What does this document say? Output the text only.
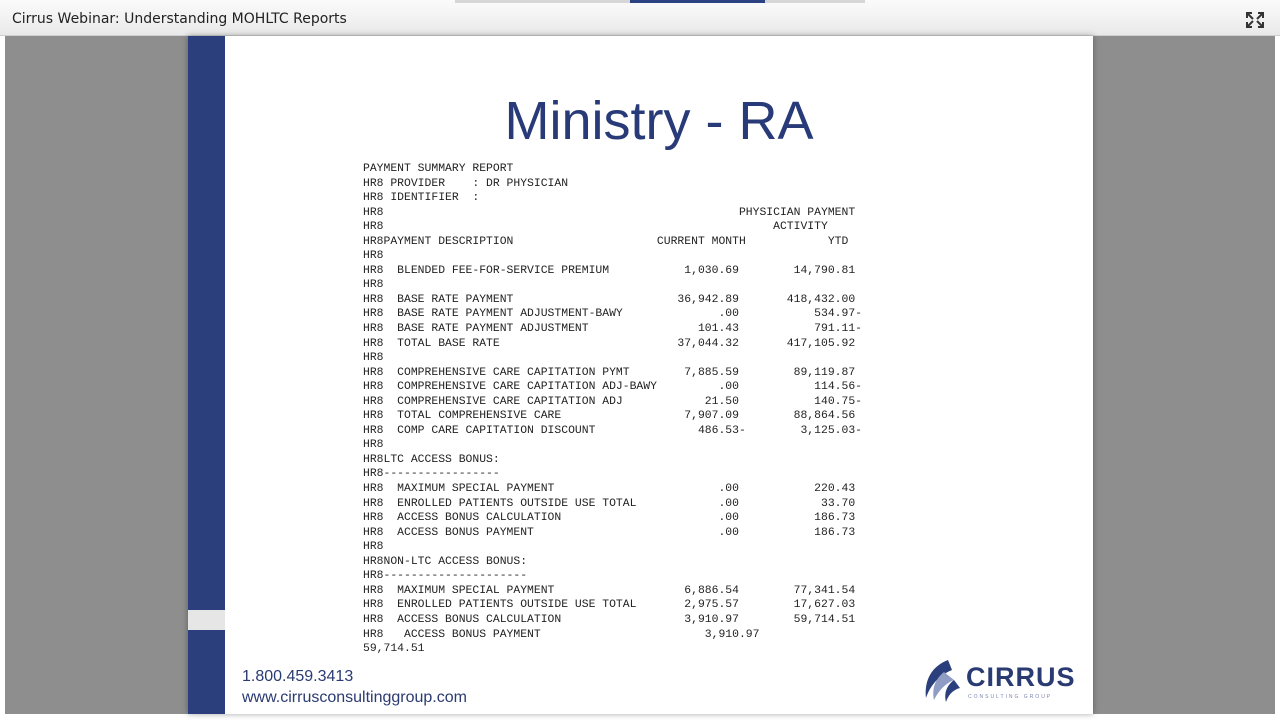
Cirrus Webinar: Understanding MOHLTC Reports
Ministry - RA
PAYMENT SUMMARY REPORT
HR8 PROVIDER    : DR PHYSICIAN
HR8 IDENTIFIER  :
HR8                                                    PHYSICIAN PAYMENT
HR8                                                         ACTIVITY
HR8PAYMENT DESCRIPTION                     CURRENT MONTH            YTD
HR8
HR8  BLENDED FEE-FOR-SERVICE PREMIUM           1,030.69        14,790.81
HR8
HR8  BASE RATE PAYMENT                        36,942.89       418,432.00
HR8  BASE RATE PAYMENT ADJUSTMENT-BAWY              .00           534.97-
HR8  BASE RATE PAYMENT ADJUSTMENT                101.43           791.11-
HR8  TOTAL BASE RATE                          37,044.32       417,105.92
HR8
HR8  COMPREHENSIVE CARE CAPITATION PYMT        7,885.59        89,119.87
HR8  COMPREHENSIVE CARE CAPITATION ADJ-BAWY         .00           114.56-
HR8  COMPREHENSIVE CARE CAPITATION ADJ            21.50           140.75-
HR8  TOTAL COMPREHENSIVE CARE                  7,907.09        88,864.56
HR8  COMP CARE CAPITATION DISCOUNT               486.53-        3,125.03-
HR8
HR8LTC ACCESS BONUS:
HR8-----------------
HR8  MAXIMUM SPECIAL PAYMENT                        .00           220.43
HR8  ENROLLED PATIENTS OUTSIDE USE TOTAL            .00            33.70
HR8  ACCESS BONUS CALCULATION                       .00           186.73
HR8  ACCESS BONUS PAYMENT                           .00           186.73
HR8
HR8NON-LTC ACCESS BONUS:
HR8---------------------
HR8  MAXIMUM SPECIAL PAYMENT                   6,886.54        77,341.54
HR8  ENROLLED PATIENTS OUTSIDE USE TOTAL       2,975.57        17,627.03
HR8  ACCESS BONUS CALCULATION                  3,910.97        59,714.51
HR8   ACCESS BONUS PAYMENT                        3,910.97
59,714.51
1.800.459.3413
www.cirrusconsultinggroup.com
CIRRUS
CONSULTING GROUP
